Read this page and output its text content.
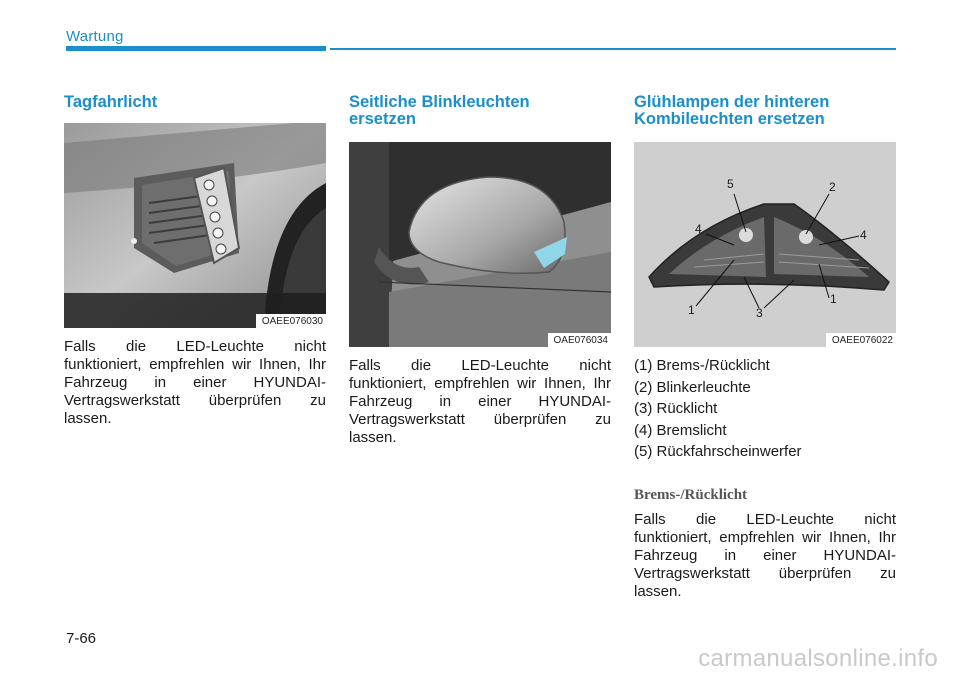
Wartung
Tagfahrlicht
OAEE076030

Falls die LED-Leuchte nicht funktioniert, empfrehlen wir Ihnen, Ihr Fahrzeug in einer HYUNDAI-Vertragswerkstatt überprüfen zu lassen.

Seitliche Blinkleuchten
ersetzen
OAE076034

Falls die LED-Leuchte nicht funktioniert, empfrehlen wir Ihnen, Ihr Fahrzeug in einer HYUNDAI-Vertragswerkstatt überprüfen zu lassen.

Glühlampen der hinteren
Kombileuchten ersetzen
5	2
4	4
1	3
1
OAEE076022
(1) Brems-/Rücklicht
(2) Blinkerleuchte
(3) Rücklicht
(4) Bremslicht
(5) Rückfahrscheinwerfer

Brems-/Rücklicht

Falls die LED-Leuchte nicht funktioniert, empfrehlen wir Ihnen, Ihr Fahrzeug in einer HYUNDAI-Vertragswerkstatt überprüfen zu lassen.

7-66
carmanualsonline.info
